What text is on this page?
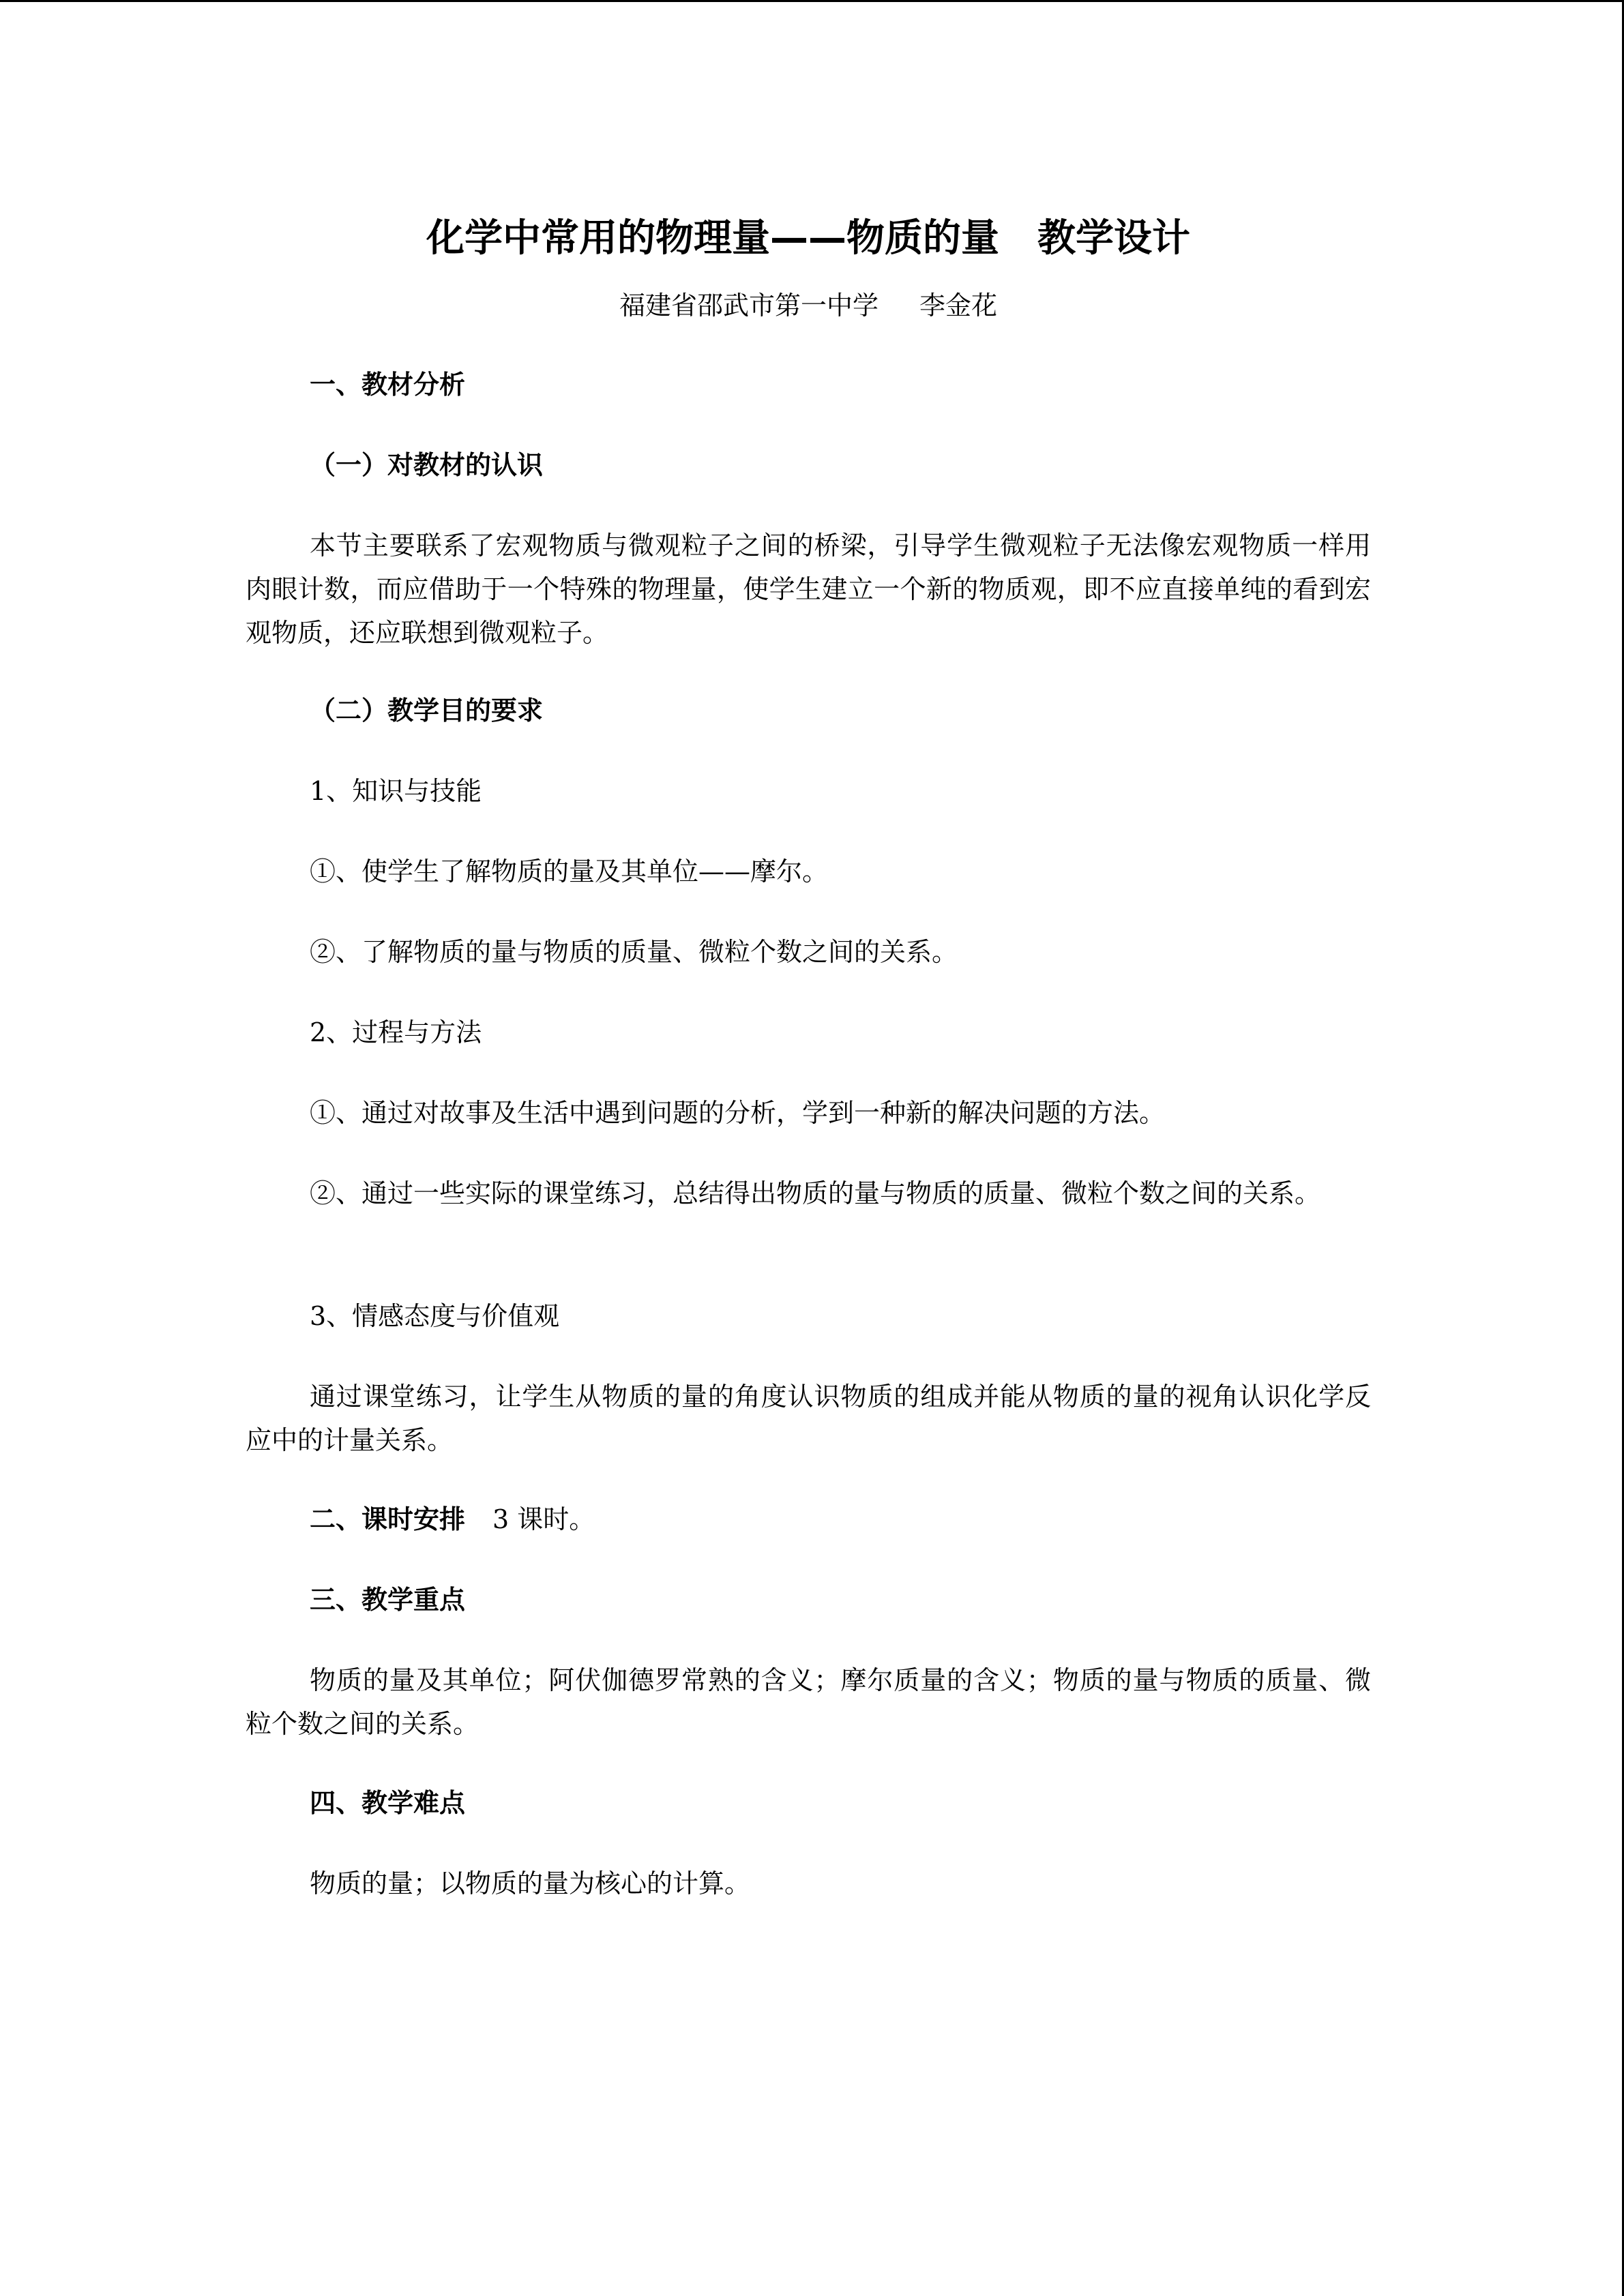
化学中常用的物理量——物质的量　教学设计

福建省邵武市第一中学 李金花

一、教材分析

（一）对教材的认识

本节主要联系了宏观物质与微观粒子之间的桥梁，引导学生微观粒子无法像宏观物质一样用肉眼计数，而应借助于一个特殊的物理量，使学生建立一个新的物质观，即不应直接单纯的看到宏观物质，还应联想到微观粒子。

（二）教学目的要求

1、知识与技能

①、使学生了解物质的量及其单位——摩尔。

②、了解物质的量与物质的质量、微粒个数之间的关系。

2、过程与方法

①、通过对故事及生活中遇到问题的分析，学到一种新的解决问题的方法。

②、通过一些实际的课堂练习，总结得出物质的量与物质的质量、微粒个数之间的关系。

3、情感态度与价值观

通过课堂练习，让学生从物质的量的角度认识物质的组成并能从物质的量的视角认识化学反应中的计量关系。

二、课时安排 3 课时。

三、教学重点

物质的量及其单位；阿伏伽德罗常熟的含义；摩尔质量的含义；物质的量与物质的质量、微粒个数之间的关系。

四、教学难点

物质的量；以物质的量为核心的计算。
